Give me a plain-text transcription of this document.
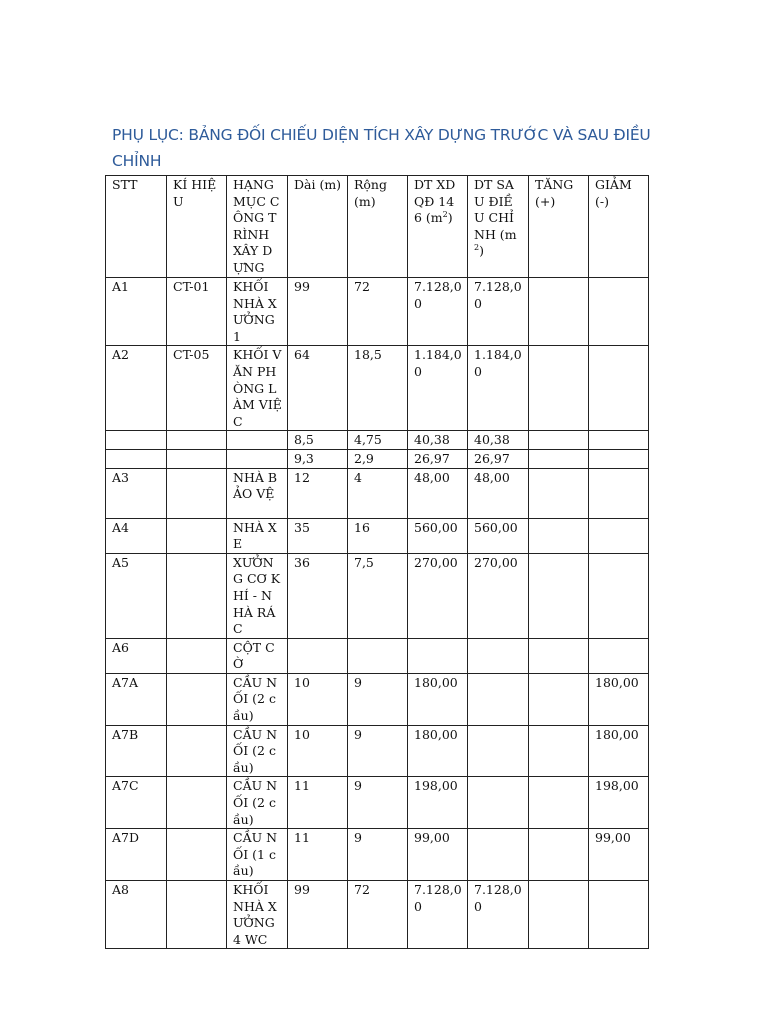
PHỤ LỤC: BẢNG ĐỐI CHIẾU DIỆN TÍCH XÂY DỰNG TRƯỚC VÀ SAU ĐIỀU CHỈNH
STT	KÍ HIỆU	HẠNG MỤC CÔNG TRÌNH XÂY DỰNG	Dài (m)	Rộng (m)	DT XD QĐ 146 $(m^2)$	DT SAU ĐIỀU CHỈNH $(m^2)$	TĂNG (+)	GIẢM (-)
A1	CT-01	KHỐI NHÀ XƯỞNG 1	99	72	7.128,00	7.128,00		
A2	CT-05	KHỐI VĂN PHÒNG LÀM VIỆC	64	18,5	1.184,00	1.184,00		
			8,5	4,75	40,38	40,38		
			9,3	2,9	26,97	26,97		
A3		NHÀ BẢO VỆ	12	4	48,00	48,00		
A4		NHÀ XE	35	16	560,00	560,00		
A5		XƯỞNG CƠ KHÍ - NHÀ RÁC	36	7,5	270,00	270,00		
A6		CỘT CỜ						
A7A		CẦU NỐI (2 cầu)	10	9	180,00			180,00
A7B		CẦU NỐI (2 cầu)	10	9	180,00			180,00
A7C		CẦU NỐI (2 cầu)	11	9	198,00			198,00
A7D		CẦU NỐI (1 cầu)	11	9	99,00			99,00
A8		KHỐI NHÀ XƯỞNG 4 WC	99	72	7.128,00	7.128,00		
